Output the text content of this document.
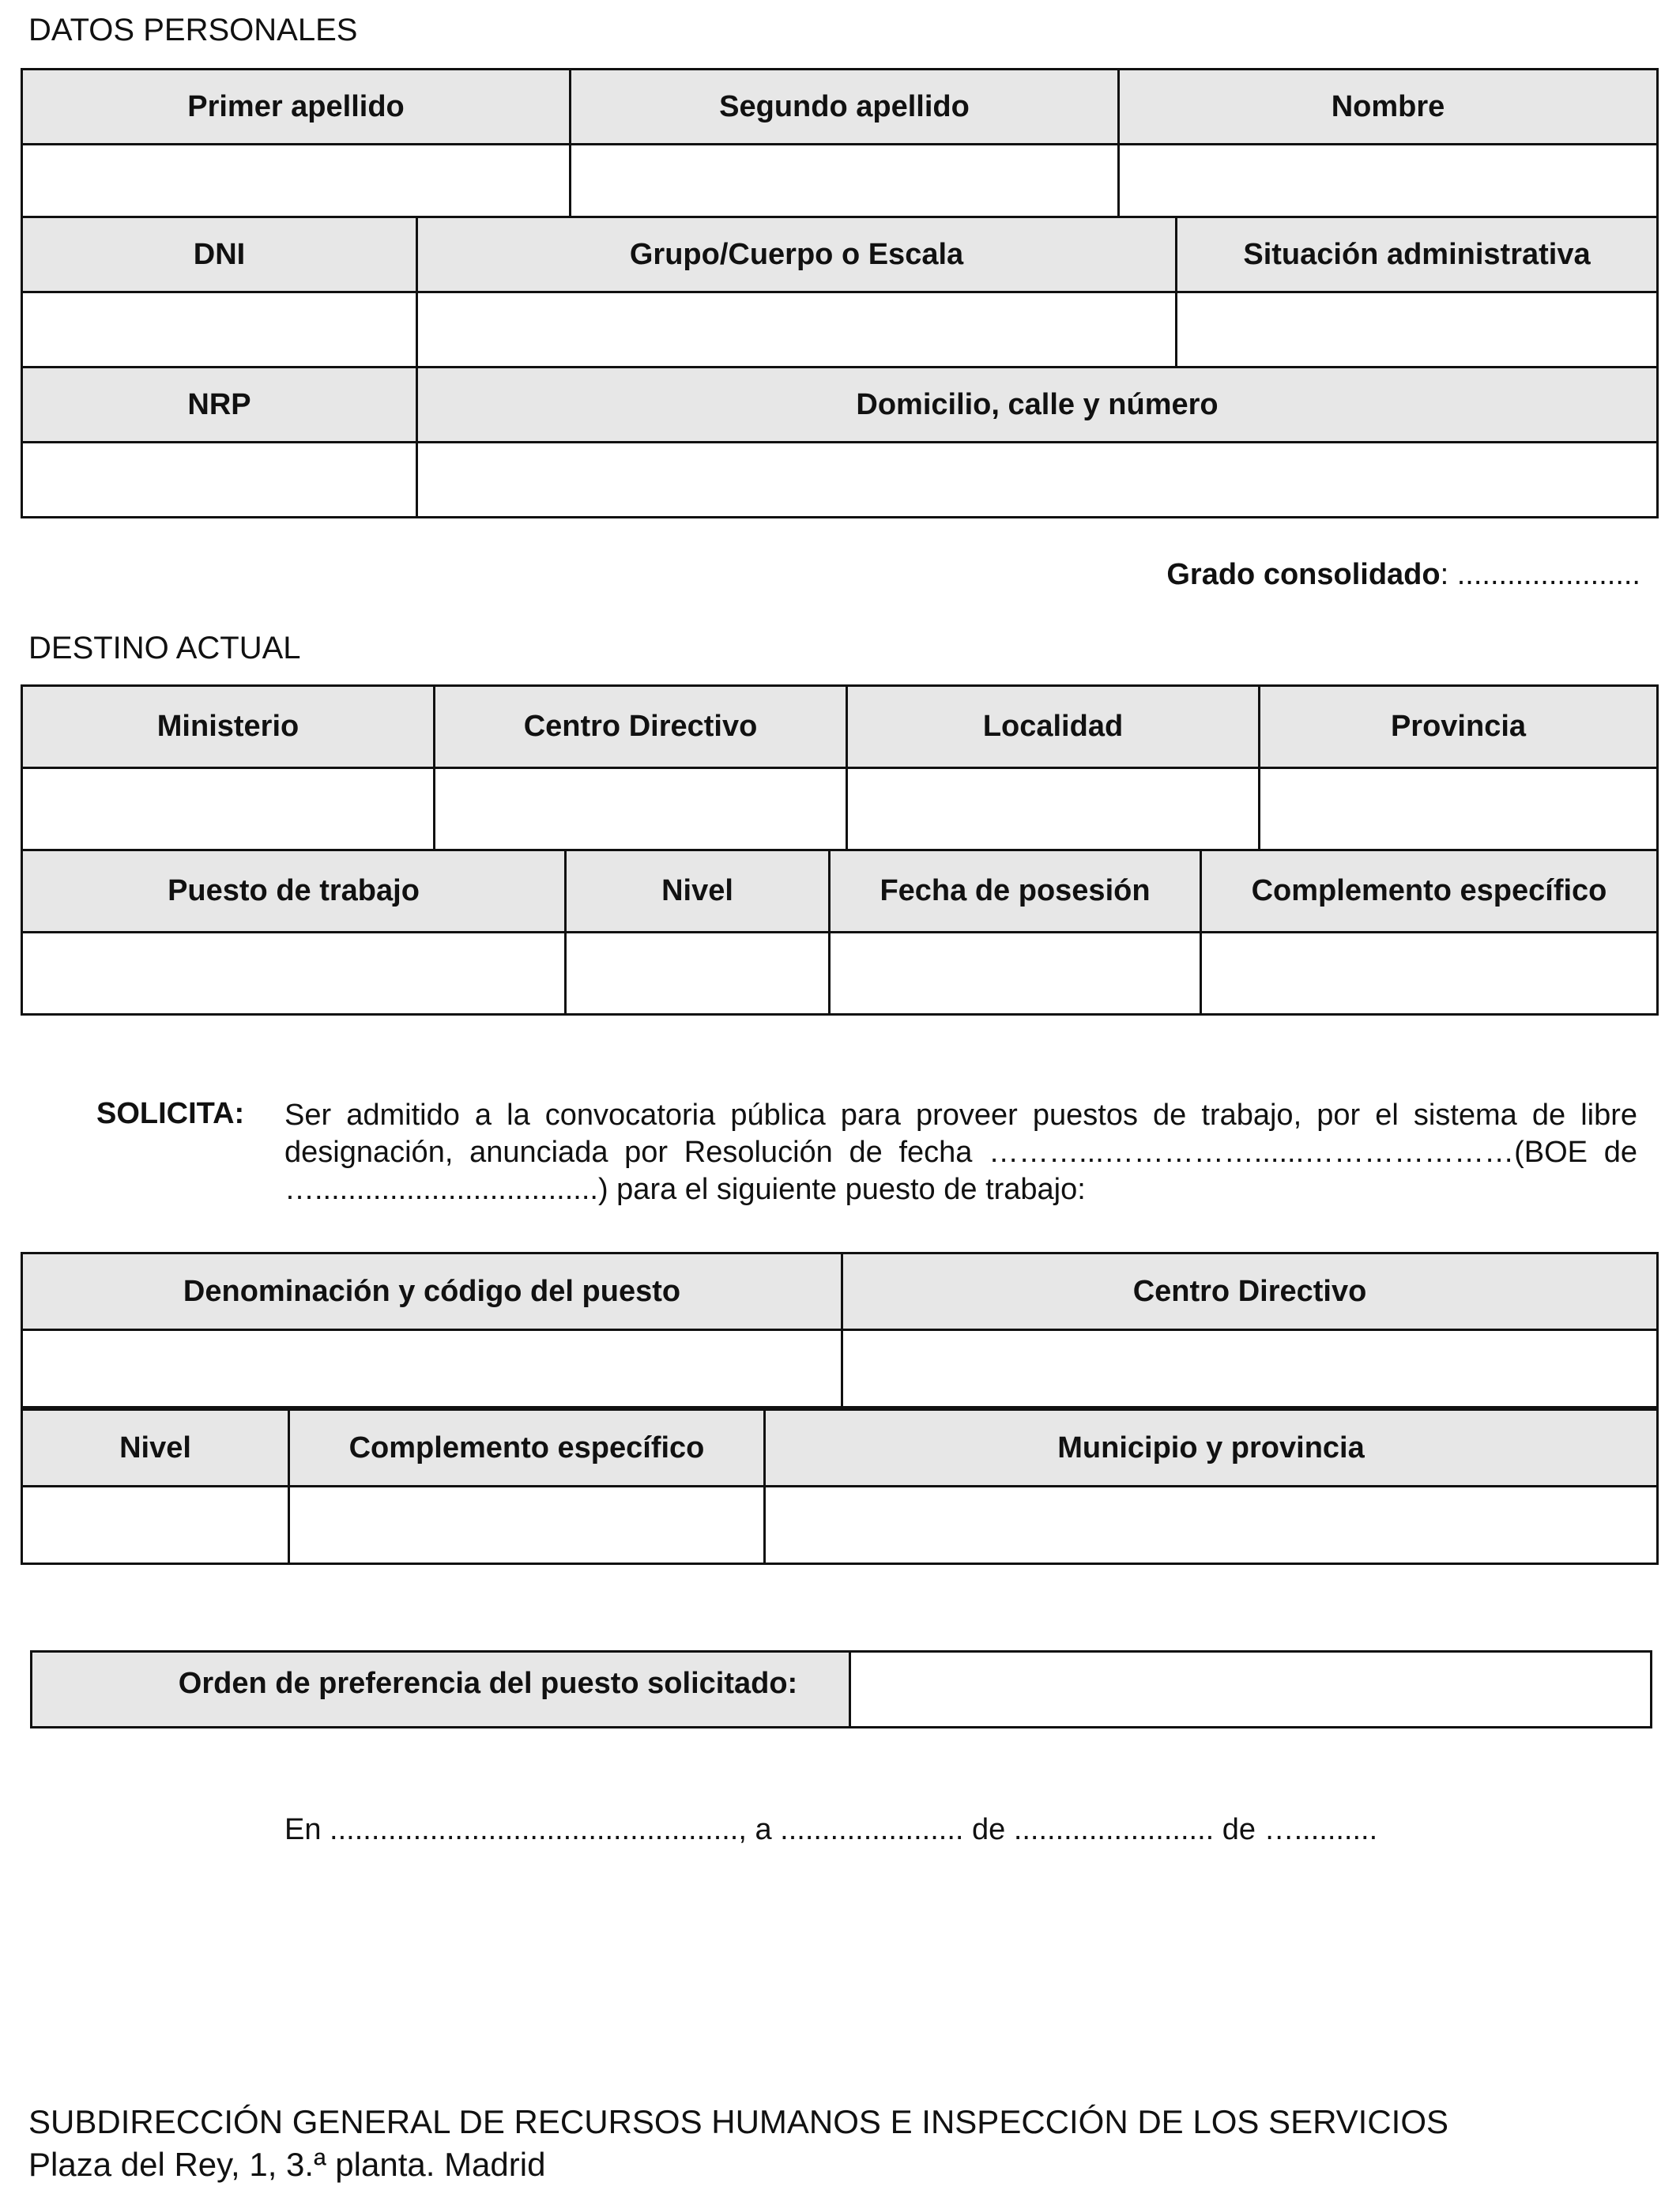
DATOS PERSONALES
Primer apellido	Segundo apellido	Nombre

DNI	Grupo/Cuerpo o Escala	Situación administrativa

NRP	Domicilio, calle y número

Grado consolidado: ......................
DESTINO ACTUAL
Ministerio	Centro Directivo	Localidad	Provincia

Puesto de trabajo	Nivel	Fecha de posesión	Complemento específico

SOLICITA: Ser admitido a la convocatoria pública para proveer puestos de trabajo, por el sistema de libre designación, anunciada por Resolución de fecha ………...……………......…………………(BOE de …..................................) para el siguiente puesto de trabajo:
Denominación y código del puesto	Centro Directivo

Nivel	Complemento específico	Municipio y provincia

Orden de preferencia del puesto solicitado:	
En ................................................., a ...................... de ........................ de …..........
SUBDIRECCIÓN GENERAL DE RECURSOS HUMANOS E INSPECCIÓN DE LOS SERVICIOS
Plaza del Rey, 1, 3.ª planta. Madrid
